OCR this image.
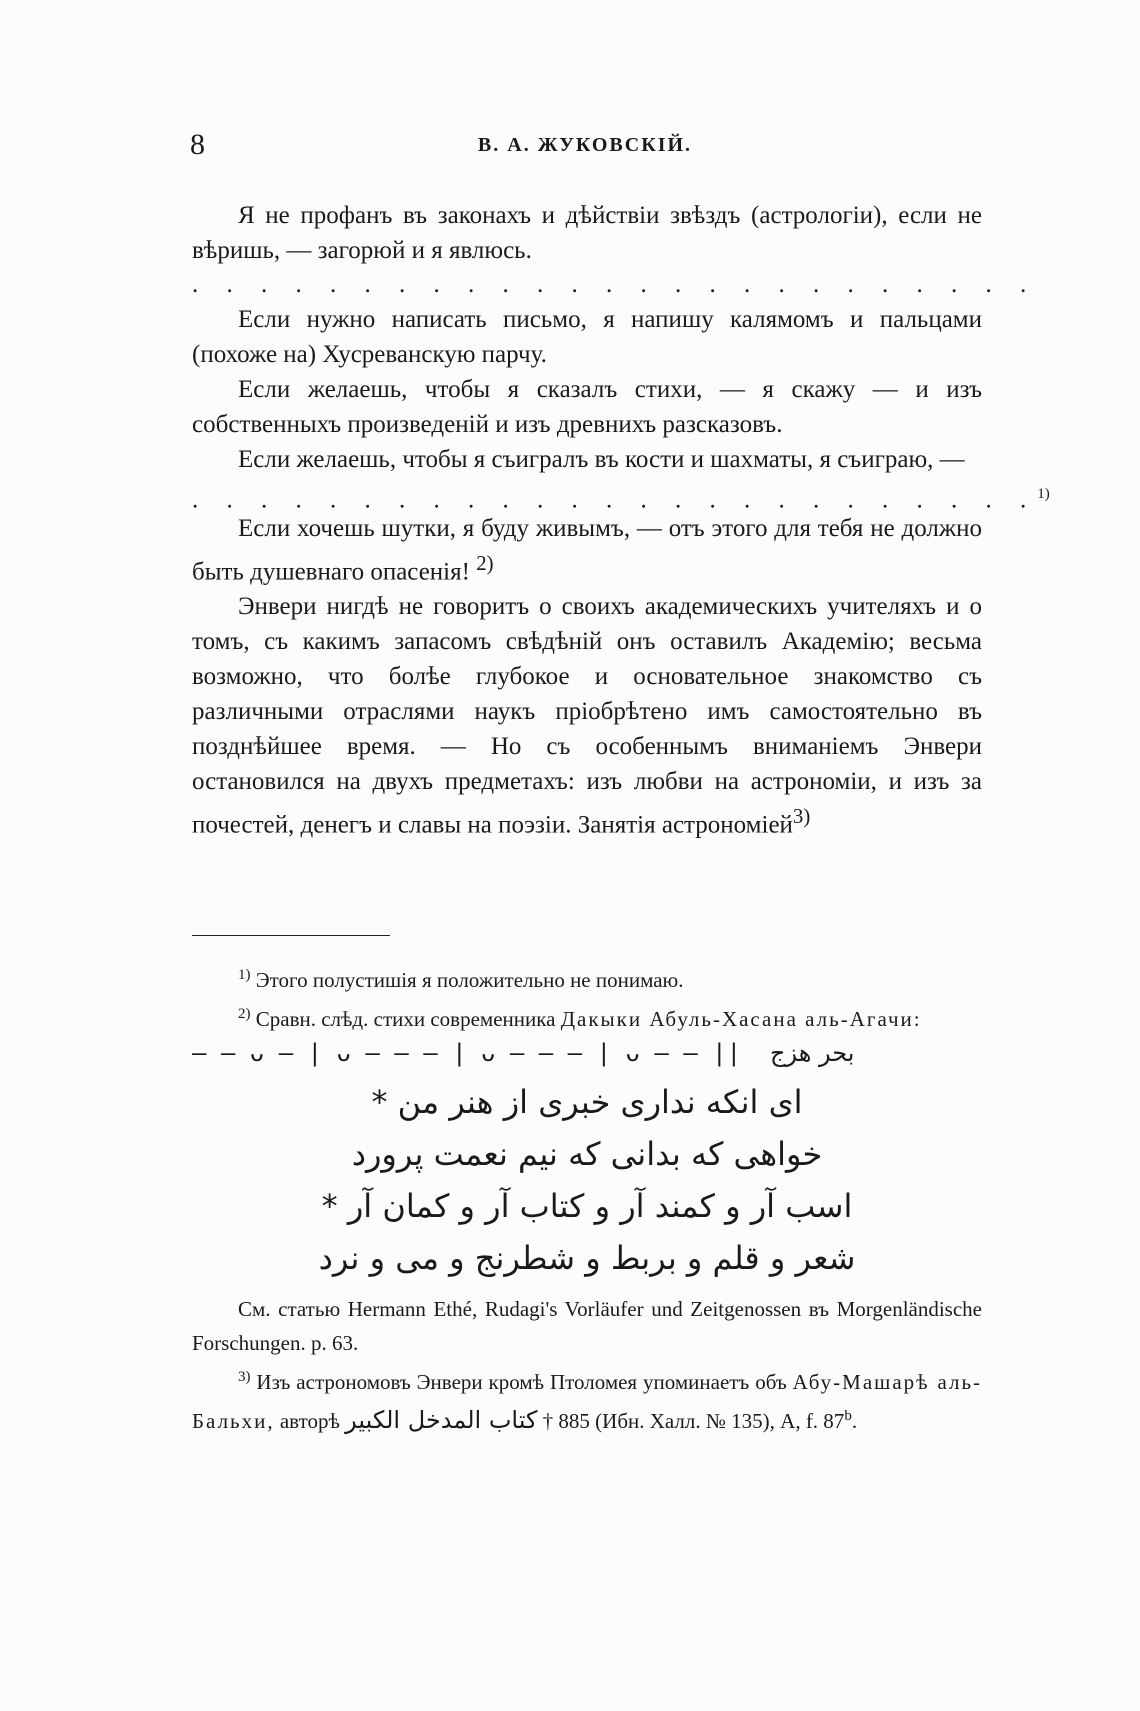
8	В. А. ЖУКОВСКІЙ.

Я не профанъ въ законахъ и дѣйствіи звѣздъ (астрологіи), если не вѣришь, — загорюй и я явлюсь.

. . . . . . . . . . . . . . . . . . . . . . . . .

Если нужно написать письмо, я напишу калямомъ и пальцами (похоже на) Хусреванскую парчу.

Если желаешь, чтобы я сказалъ стихи, — я скажу — и изъ собственныхъ произведеній и изъ древнихъ разсказовъ.

Если желаешь, чтобы я съигралъ въ кости и шахматы, я съиграю, —

. . . . . . . . . . . . . . . . . . . . . . . . .$^{1)}$

Если хочешь шутки, я буду живымъ, — отъ этого для тебя не должно быть душевнаго опасенія! $^{2)}$

Энвери нигдѣ не говоритъ о своихъ академическихъ учителяхъ и о томъ, съ какимъ запасомъ свѣдѣній онъ оставилъ Академію; весьма возможно, что болѣе глубокое и основательное знакомство съ различными отраслями наукъ пріобрѣтено имъ самостоятельно въ позднѣйшее время. — Но съ особеннымъ вниманіемъ Энвери остановился на двухъ предметахъ: изъ любви на астрономіи, и изъ за почестей, денегъ и славы на поэзіи. Занятія астрономіей$^{3)}$

$^{1)}$ Этого полустишія я положительно не понимаю.

$^{2)}$ Сравн. слѣд. стихи современника Дакыки Абуль-Хасана аль-Агачи:

— — ᴗ — | ᴗ — — — | ᴗ — — — | ᴗ — — || بحر هزج

ای انکه نداری خبری از هنر من *
خواهی که بدانی که نیم نعمت پرورد
اسب آر و کمند آر و کتاب آر و کمان آر *
شعر و قلم و بربط و شطرنج و می و نرد

См. статью Hermann Ethé, Rudagi's Vorläufer und Zeitgenossen въ Morgenländische Forschungen. p. 63.

$^{3)}$ Изъ астрономовъ Энвери кромѣ Птоломея упоминаетъ объ Абу-Машарѣ аль-Бальхи, авторѣ كتاب المدخل الكبير † 885 (Ибн. Халл. № 135), A, f. 87$^b$.
